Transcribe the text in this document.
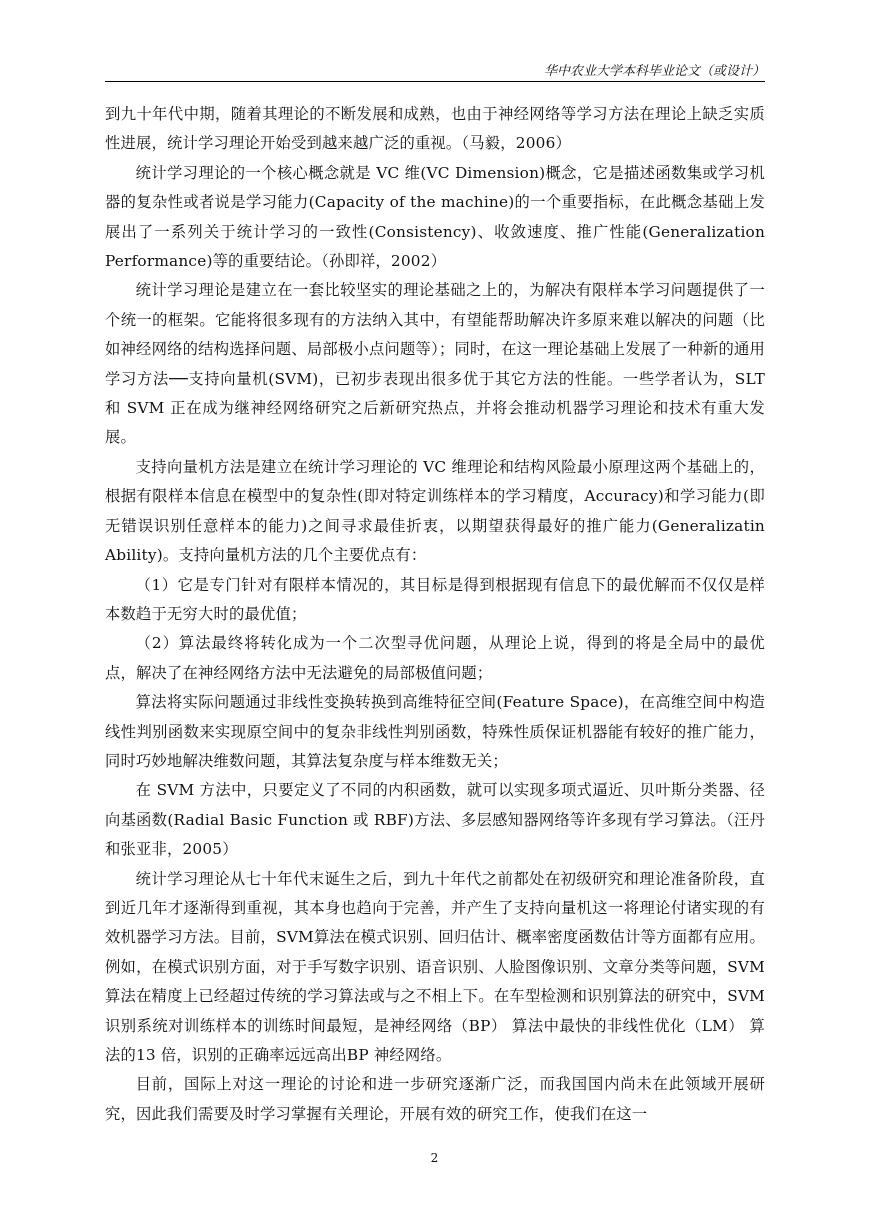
华中农业大学本科毕业论文（或设计）

到九十年代中期，随着其理论的不断发展和成熟，也由于神经网络等学习方法在理论上缺乏实质性进展，统计学习理论开始受到越来越广泛的重视。（马毅，2006）

统计学习理论的一个核心概念就是 VC 维(VC Dimension)概念，它是描述函数集或学习机器的复杂性或者说是学习能力(Capacity of the machine)的一个重要指标，在此概念基础上发展出了一系列关于统计学习的一致性(Consistency)、收敛速度、推广性能(Generalization Performance)等的重要结论。（孙即祥，2002）

统计学习理论是建立在一套比较坚实的理论基础之上的，为解决有限样本学习问题提供了一个统一的框架。它能将很多现有的方法纳入其中，有望能帮助解决许多原来难以解决的问题（比如神经网络的结构选择问题、局部极小点问题等）；同时，在这一理论基础上发展了一种新的通用学习方法──支持向量机(SVM)，已初步表现出很多优于其它方法的性能。一些学者认为，SLT 和 SVM 正在成为继神经网络研究之后新研究热点，并将会推动机器学习理论和技术有重大发展。

支持向量机方法是建立在统计学习理论的 VC 维理论和结构风险最小原理这两个基础上的，根据有限样本信息在模型中的复杂性(即对特定训练样本的学习精度，Accuracy)和学习能力(即无错误识别任意样本的能力)之间寻求最佳折衷，以期望获得最好的推广能力(Generalizatin Ability)。支持向量机方法的几个主要优点有：

（1）它是专门针对有限样本情况的，其目标是得到根据现有信息下的最优解而不仅仅是样本数趋于无穷大时的最优值；

（2）算法最终将转化成为一个二次型寻优问题，从理论上说，得到的将是全局中的最优点，解决了在神经网络方法中无法避免的局部极值问题；

算法将实际问题通过非线性变换转换到高维特征空间(Feature Space)，在高维空间中构造线性判别函数来实现原空间中的复杂非线性判别函数，特殊性质保证机器能有较好的推广能力，同时巧妙地解决维数问题，其算法复杂度与样本维数无关；

在 SVM 方法中，只要定义了不同的内积函数，就可以实现多项式逼近、贝叶斯分类器、径向基函数(Radial Basic Function 或 RBF)方法、多层感知器网络等许多现有学习算法。（汪丹和张亚非，2005）

统计学习理论从七十年代末诞生之后，到九十年代之前都处在初级研究和理论准备阶段，直到近几年才逐渐得到重视，其本身也趋向于完善，并产生了支持向量机这一将理论付诸实现的有效机器学习方法。目前，SVM算法在模式识别、回归估计、概率密度函数估计等方面都有应用。例如，在模式识别方面，对于手写数字识别、语音识别、人脸图像识别、文章分类等问题，SVM算法在精度上已经超过传统的学习算法或与之不相上下。在车型检测和识别算法的研究中，SVM 识别系统对训练样本的训练时间最短，是神经网络（BP） 算法中最快的非线性优化（LM） 算法的13 倍，识别的正确率远远高出BP 神经网络。

目前，国际上对这一理论的讨论和进一步研究逐渐广泛，而我国国内尚未在此领域开展研究，因此我们需要及时学习掌握有关理论，开展有效的研究工作，使我们在这一

2
